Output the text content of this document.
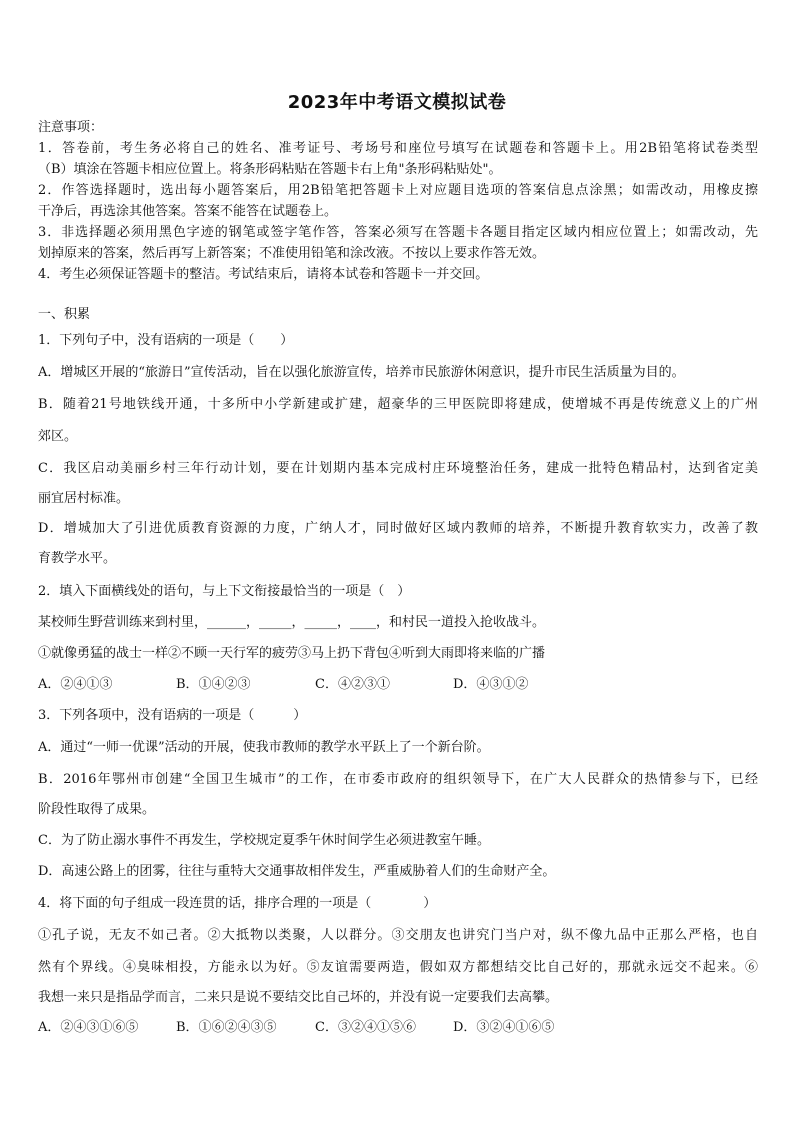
2023年中考语文模拟试卷
注意事项：
1．答卷前，考生务必将自己的姓名、准考证号、考场号和座位号填写在试题卷和答题卡上。用2B铅笔将试卷类型
（B）填涂在答题卡相应位置上。将条形码粘贴在答题卡右上角"条形码粘贴处"。
2．作答选择题时，选出每小题答案后，用2B铅笔把答题卡上对应题目选项的答案信息点涂黑；如需改动，用橡皮擦
干净后，再选涂其他答案。答案不能答在试题卷上。
3．非选择题必须用黑色字迹的钢笔或签字笔作答，答案必须写在答题卡各题目指定区域内相应位置上；如需改动，先
划掉原来的答案，然后再写上新答案；不准使用铅笔和涂改液。不按以上要求作答无效。
4．考生必须保证答题卡的整洁。考试结束后，请将本试卷和答题卡一并交回。
一、积累
1．下列句子中，没有语病的一项是（　　）
A．增城区开展的“旅游日”宣传活动，旨在以强化旅游宣传，培养市民旅游休闲意识，提升市民生活质量为目的。
B．随着21号地铁线开通，十多所中小学新建或扩建，超豪华的三甲医院即将建成，使增城不再是传统意义上的广州
郊区。
C．我区启动美丽乡村三年行动计划，要在计划期内基本完成村庄环境整治任务，建成一批特色精品村，达到省定美
丽宜居村标准。
D．增城加大了引进优质教育资源的力度，广纳人才，同时做好区域内教师的培养，不断提升教育软实力，改善了教
育教学水平。
2．填入下面横线处的语句，与上下文衔接最恰当的一项是（　）
某校师生野营训练来到村里，______，_____，_____，____，和村民一道投入抢收战斗。
①就像勇猛的战士一样②不顾一天行军的疲劳③马上扔下背包④听到大雨即将来临的广播
A．②④①③	B．①④②③	C．④②③①	D．④③①②
3．下列各项中，没有语病的一项是（　　　）
A．通过“一师一优课”活动的开展，使我市教师的教学水平跃上了一个新台阶。
B．2016年鄂州市创建“全国卫生城市”的工作，在市委市政府的组织领导下，在广大人民群众的热情参与下，已经
阶段性取得了成果。
C．为了防止溺水事件不再发生，学校规定夏季午休时间学生必须进教室午睡。
D．高速公路上的团雾，往往与重特大交通事故相伴发生，严重威胁着人们的生命财产全。
4．将下面的句子组成一段连贯的话，排序合理的一项是（　　　　）
①孔子说，无友不如己者。②大抵物以类聚，人以群分。③交朋友也讲究门当户对，纵不像九品中正那么严格，也自
然有个界线。④臭味相投，方能永以为好。⑤友谊需要两造，假如双方都想结交比自己好的，那就永远交不起来。⑥
我想一来只是指品学而言，二来只是说不要结交比自己坏的，并没有说一定要我们去高攀。
A．②④③①⑥⑤	B．①⑥②④③⑤	C．③②④①⑤⑥	D．③②④①⑥⑤
